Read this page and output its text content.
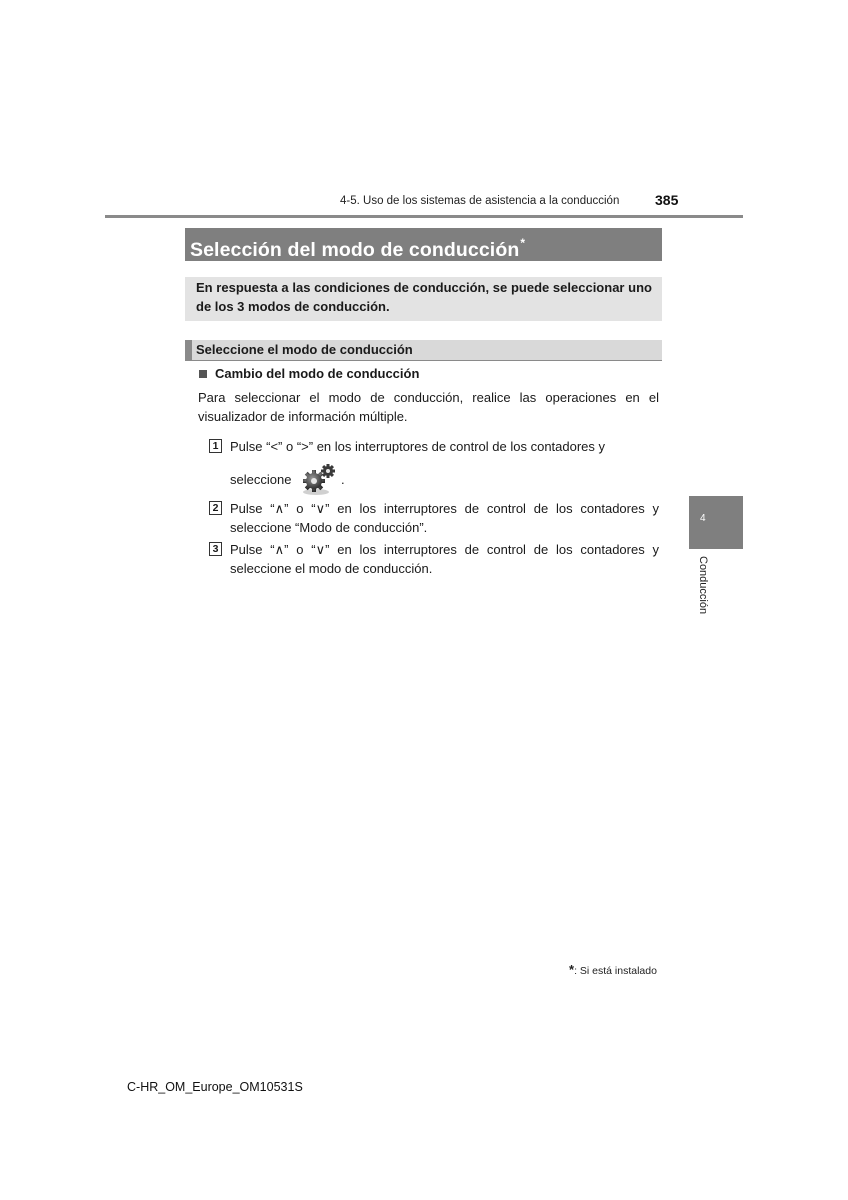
4-5. Uso de los sistemas de asistencia a la conducción	385
Selección del modo de conducción*
En respuesta a las condiciones de conducción, se puede seleccionar uno de los 3 modos de conducción.
Seleccione el modo de conducción
Cambio del modo de conducción
Para seleccionar el modo de conducción, realice las operaciones en el visualizador de información múltiple.
1 Pulse “<” o “>” en los interruptores de control de los contadores y
seleccione	.
2 Pulse “∧” o “∨” en los interruptores de control de los contadores y seleccione “Modo de conducción”.
3 Pulse “∧” o “∨” en los interruptores de control de los contadores y seleccione el modo de conducción.
4
Conducción
*: Si está instalado
C-HR_OM_Europe_OM10531S
